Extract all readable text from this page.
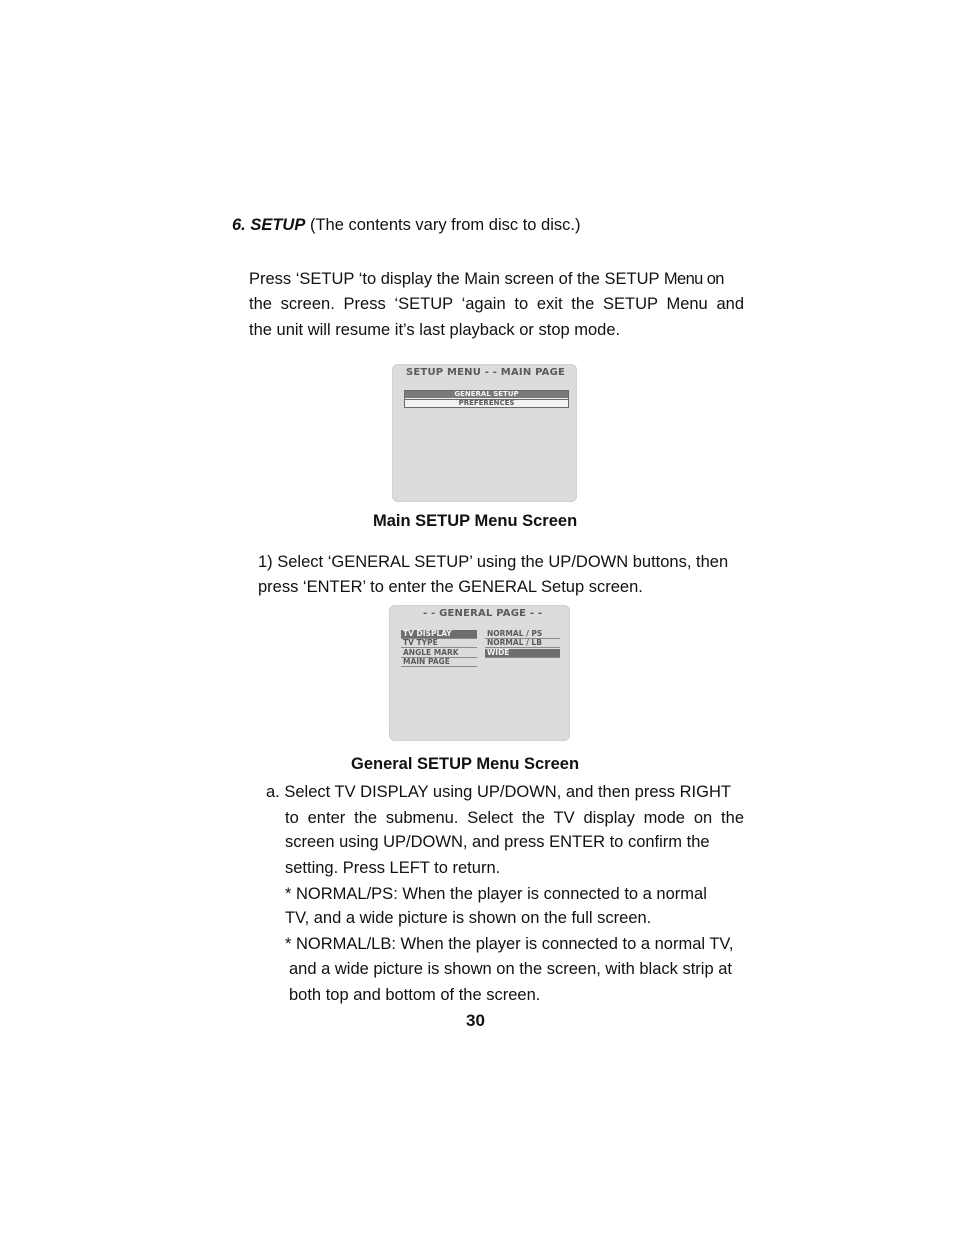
6. SETUP (The contents vary from disc to disc.)
Press ‘SETUP ‘to display the Main screen of the SETUP Menu on
the screen. Press ‘SETUP ‘again to exit the SETUP Menu and
the unit will resume it’s last playback or stop mode.
SETUP MENU - - MAIN PAGE
GENERAL SETUP
PREFERENCES
Main SETUP Menu Screen
1) Select ‘GENERAL SETUP’ using the UP/DOWN buttons, then
press ‘ENTER’ to enter the GENERAL Setup screen.
- - GENERAL PAGE - -
TV DISPLAY
TV TYPE
ANGLE MARK
MAIN PAGE
NORMAL / PS
NORMAL / LB
WIDE
General SETUP Menu Screen
a. Select TV DISPLAY using UP/DOWN, and then press RIGHT
to enter the submenu. Select the TV display mode on the
screen using UP/DOWN, and press ENTER to confirm the
setting. Press LEFT to return.
* NORMAL/PS: When the player is connected to a normal
TV, and a wide picture is shown on the full screen.
* NORMAL/LB: When the player is connected to a normal TV,
and a wide picture is shown on the screen, with black strip at
both top and bottom of the screen.
30
